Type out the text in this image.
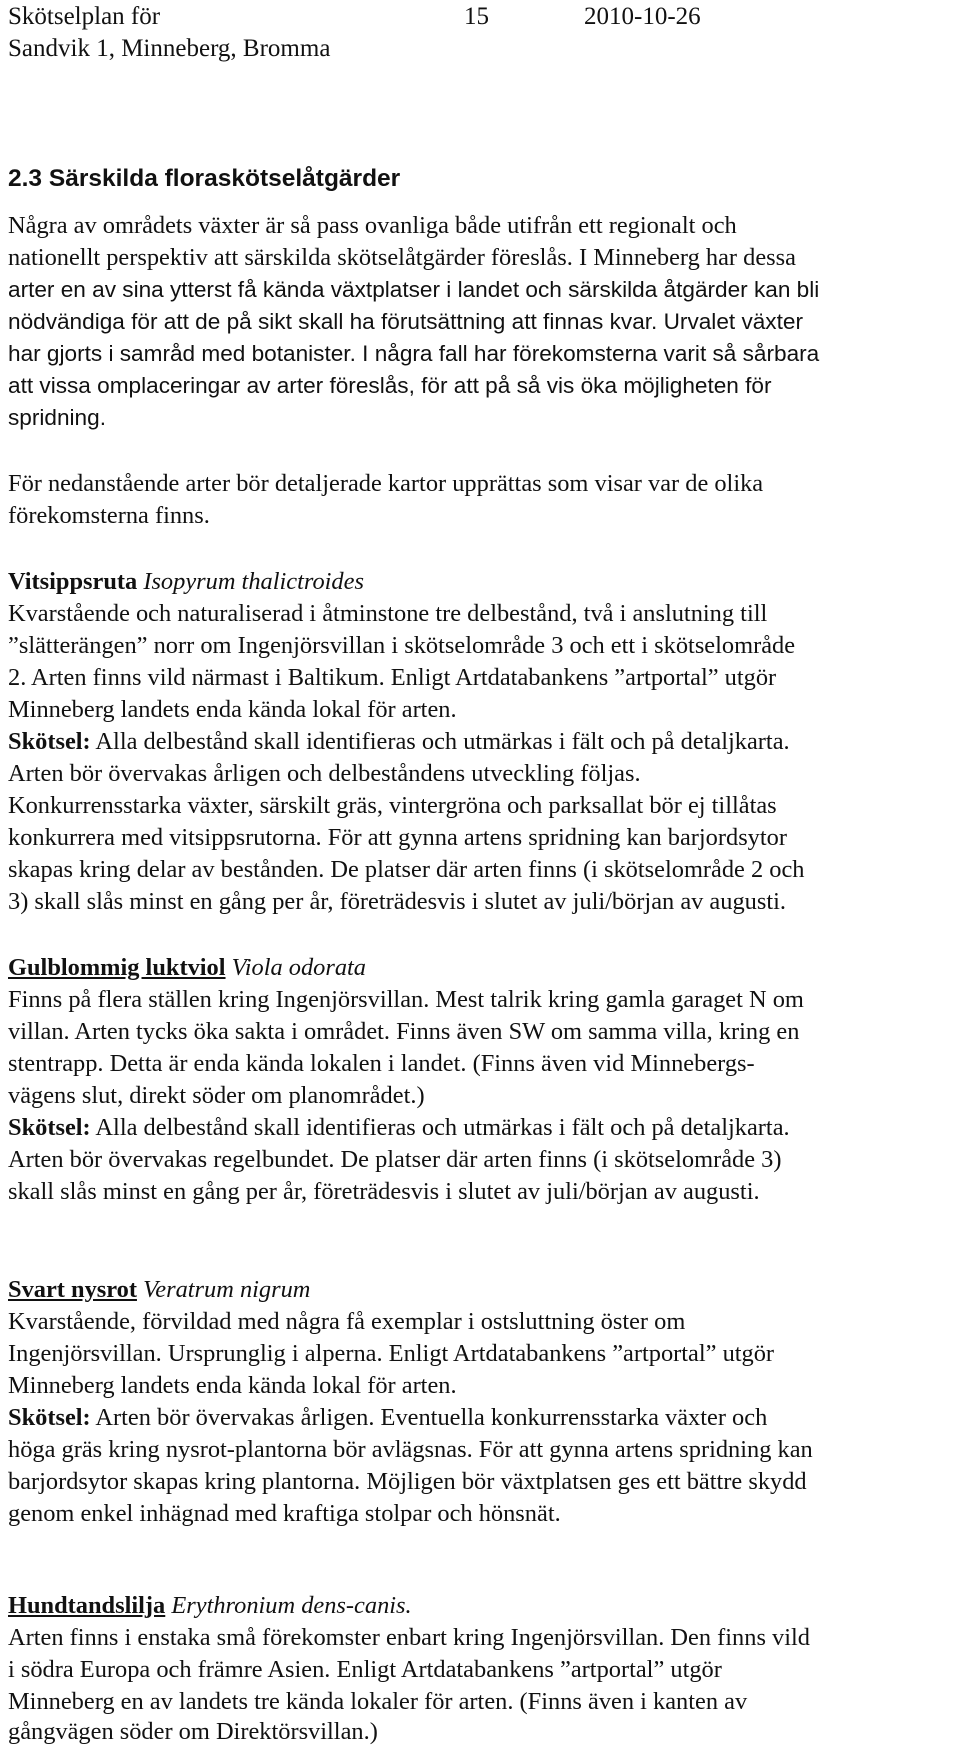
Skötselplan för
Sandvik 1, Minneberg, Bromma
15	2010-10-26
2.3 Särskilda floraskötselåtgärder
Några av områdets växter är så pass ovanliga både utifrån ett regionalt och
nationellt perspektiv att särskilda skötselåtgärder föreslås. I Minneberg har dessa
arter en av sina ytterst få kända växtplatser i landet och särskilda åtgärder kan bli
nödvändiga för att de på sikt skall ha förutsättning att finnas kvar. Urvalet växter
har gjorts i samråd med botanister. I några fall har förekomsterna varit så sårbara
att vissa omplaceringar av arter föreslås, för att på så vis öka möjligheten för
spridning.
För nedanstående arter bör detaljerade kartor upprättas som visar var de olika
förekomsterna finns.
Vitsippsruta Isopyrum thalictroides
Kvarstående och naturaliserad i åtminstone tre delbestånd, två i anslutning till
”slätterängen” norr om Ingenjörsvillan i skötselområde 3 och ett i skötselområde
2. Arten finns vild närmast i Baltikum. Enligt Artdatabankens ”artportal” utgör
Minneberg landets enda kända lokal för arten.
Skötsel: Alla delbestånd skall identifieras och utmärkas i fält och på detaljkarta.
Arten bör övervakas årligen och delbeståndens utveckling följas.
Konkurrensstarka växter, särskilt gräs, vintergröna och parksallat bör ej tillåtas
konkurrera med vitsippsrutorna. För att gynna artens spridning kan barjordsytor
skapas kring delar av bestånden. De platser där arten finns (i skötselområde 2 och
3) skall slås minst en gång per år, företrädesvis i slutet av juli/början av augusti.
Gulblommig luktviol Viola odorata
Finns på flera ställen kring Ingenjörsvillan. Mest talrik kring gamla garaget N om
villan. Arten tycks öka sakta i området. Finns även SW om samma villa, kring en
stentrapp. Detta är enda kända lokalen i landet. (Finns även vid Minnebergs-
vägens slut, direkt söder om planområdet.)
Skötsel: Alla delbestånd skall identifieras och utmärkas i fält och på detaljkarta.
Arten bör övervakas regelbundet. De platser där arten finns (i skötselområde 3)
skall slås minst en gång per år, företrädesvis i slutet av juli/början av augusti.
Svart nysrot Veratrum nigrum
Kvarstående, förvildad med några få exemplar i ostsluttning öster om
Ingenjörsvillan. Ursprunglig i alperna. Enligt Artdatabankens ”artportal” utgör
Minneberg landets enda kända lokal för arten.
Skötsel: Arten bör övervakas årligen. Eventuella konkurrensstarka växter och
höga gräs kring nysrot-plantorna bör avlägsnas. För att gynna artens spridning kan
barjordsytor skapas kring plantorna. Möjligen bör växtplatsen ges ett bättre skydd
genom enkel inhägnad med kraftiga stolpar och hönsnät.
Hundtandslilja Erythronium dens-canis.
Arten finns i enstaka små förekomster enbart kring Ingenjörsvillan. Den finns vild
i södra Europa och främre Asien. Enligt Artdatabankens ”artportal” utgör
Minneberg en av landets tre kända lokaler för arten. (Finns även i kanten av
gångvägen söder om Direktörsvillan.)
